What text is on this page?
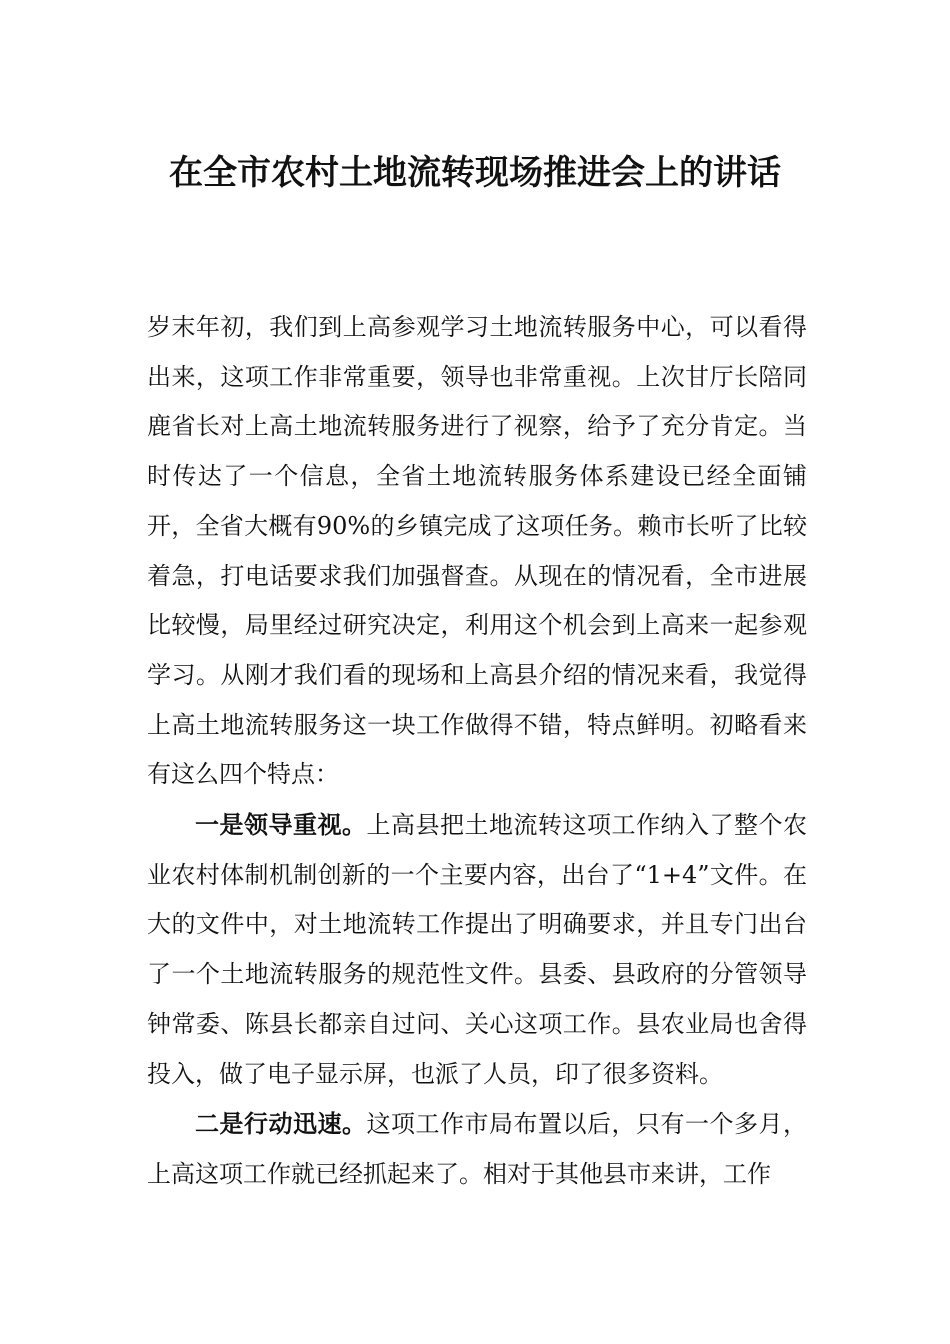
在全市农村土地流转现场推进会上的讲话

岁末年初，我们到上高参观学习土地流转服务中心，可以看得出来，这项工作非常重要，领导也非常重视。上次甘厅长陪同鹿省长对上高土地流转服务进行了视察，给予了充分肯定。当时传达了一个信息，全省土地流转服务体系建设已经全面铺开，全省大概有90%的乡镇完成了这项任务。赖市长听了比较着急，打电话要求我们加强督查。从现在的情况看，全市进展比较慢，局里经过研究决定，利用这个机会到上高来一起参观学习。从刚才我们看的现场和上高县介绍的情况来看，我觉得上高土地流转服务这一块工作做得不错，特点鲜明。初略看来有这么四个特点：

一是领导重视。上高县把土地流转这项工作纳入了整个农业农村体制机制创新的一个主要内容，出台了“1+4”文件。在大的文件中，对土地流转工作提出了明确要求，并且专门出台了一个土地流转服务的规范性文件。县委、县政府的分管领导钟常委、陈县长都亲自过问、关心这项工作。县农业局也舍得投入，做了电子显示屏，也派了人员，印了很多资料。

二是行动迅速。这项工作市局布置以后，只有一个多月，上高这项工作就已经抓起来了。相对于其他县市来讲，工作
